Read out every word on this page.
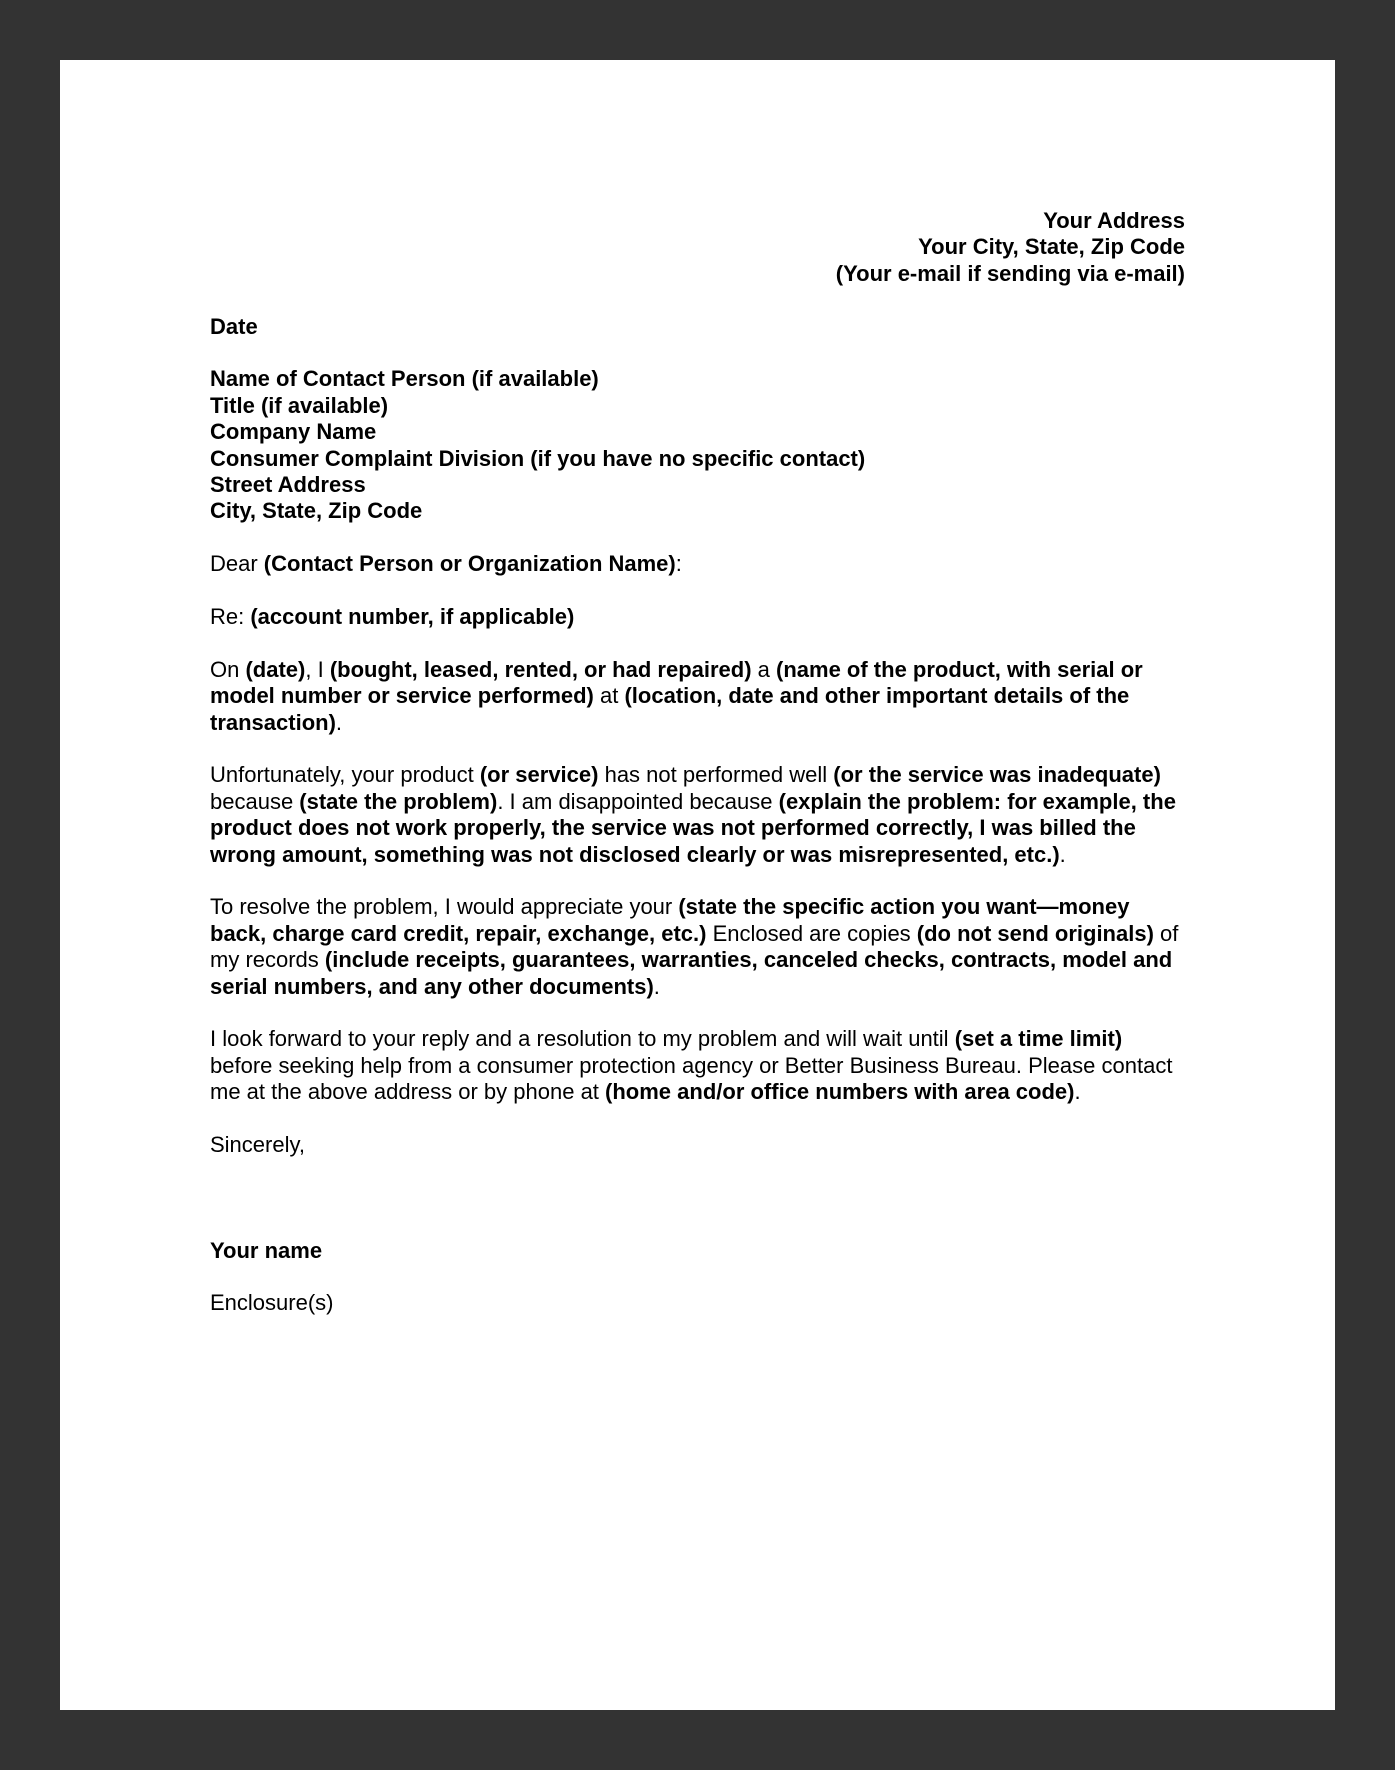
Your Address
Your City, State, Zip Code
(Your e-mail if sending via e-mail)
Date
Name of Contact Person (if available)
Title (if available)
Company Name
Consumer Complaint Division (if you have no specific contact)
Street Address
City, State, Zip Code
Dear (Contact Person or Organization Name):
Re: (account number, if applicable)
On (date), I (bought, leased, rented, or had repaired) a (name of the product, with serial or model number or service performed) at (location, date and other important details of the transaction).
Unfortunately, your product (or service) has not performed well (or the service was inadequate) because (state the problem). I am disappointed because (explain the problem: for example, the product does not work properly, the service was not performed correctly, I was billed the wrong amount, something was not disclosed clearly or was misrepresented, etc.).
To resolve the problem, I would appreciate your (state the specific action you want—money back, charge card credit, repair, exchange, etc.) Enclosed are copies (do not send originals) of my records (include receipts, guarantees, warranties, canceled checks, contracts, model and serial numbers, and any other documents).
I look forward to your reply and a resolution to my problem and will wait until (set a time limit) before seeking help from a consumer protection agency or Better Business Bureau. Please contact me at the above address or by phone at (home and/or office numbers with area code).
Sincerely,
Your name
Enclosure(s)
